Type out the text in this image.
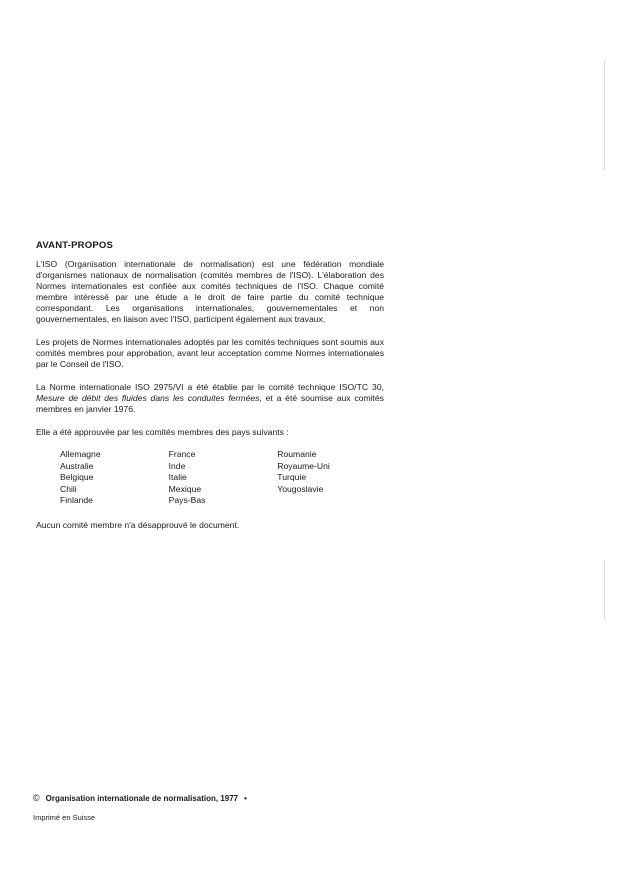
AVANT-PROPOS

L'ISO (Organisation internationale de normalisation) est une fédération mondiale d'organismes nationaux de normalisation (comités membres de l'ISO). L'élaboration des Normes internationales est confiée aux comités techniques de l'ISO. Chaque comité membre intéressé par une étude a le droit de faire partie du comité technique correspondant. Les organisations internationales, gouvernementales et non gouvernementales, en liaison avec l'ISO, participent également aux travaux.

Les projets de Normes internationales adoptés par les comités techniques sont soumis aux comités membres pour approbation, avant leur acceptation comme Normes internationales par le Conseil de l'ISO.

La Norme internationale ISO 2975/VI a été établie par le comité technique ISO/TC 30, Mesure de débit des fluides dans les conduites fermées, et a été soumise aux comités membres en janvier 1976.

Elle a été approuvée par les comités membres des pays suivants :

Allemagne
Australie
Belgique
Chili
Finlande
France
Inde
Italie
Mexique
Pays-Bas
Roumanie
Royaume-Uni
Turquie
Yougoslavie

Aucun comité membre n'a désapprouvé le document.

© Organisation internationale de normalisation, 1977 •
Imprimé en Suisse
